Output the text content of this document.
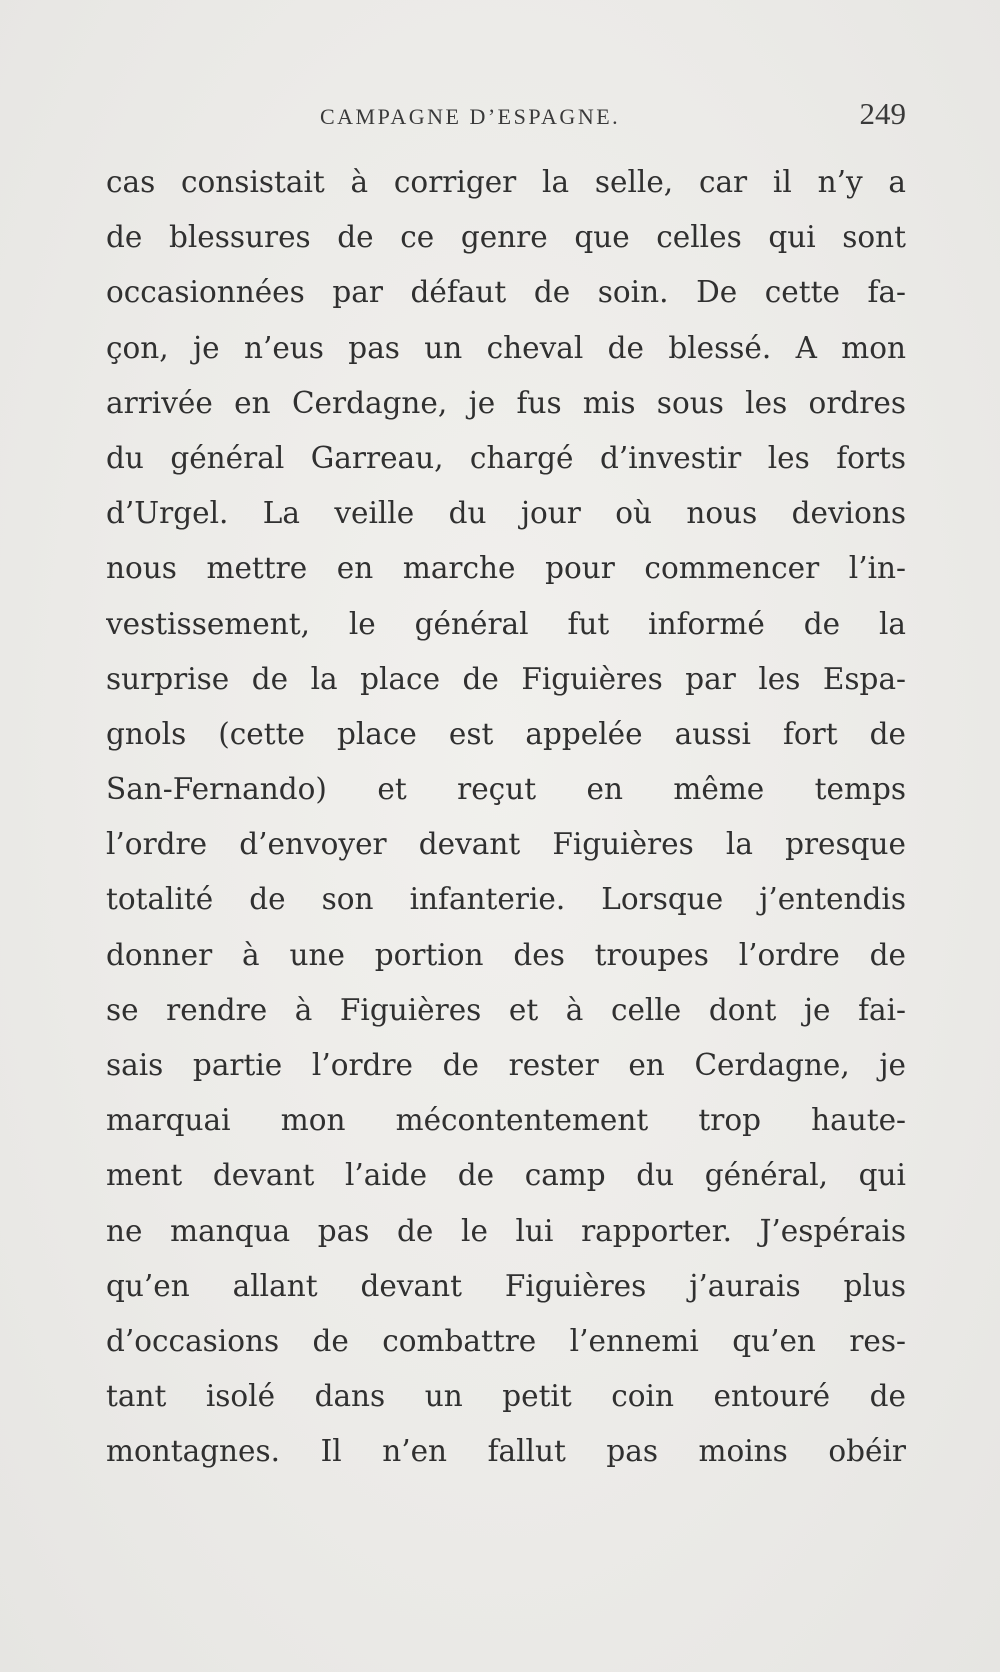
CAMPAGNE D’ESPAGNE.	249
cas consistait à corriger la selle, car il n’y a
de blessures de ce genre que celles qui sont
occasionnées par défaut de soin. De cette fa-
çon, je n’eus pas un cheval de blessé. A mon
arrivée en Cerdagne, je fus mis sous les ordres
du général Garreau, chargé d’investir les forts
d’Urgel. La veille du jour où nous devions
nous mettre en marche pour commencer l’in-
vestissement, le général fut informé de la
surprise de la place de Figuières par les Espa-
gnols (cette place est appelée aussi fort de
San-Fernando) et reçut en même temps
l’ordre d’envoyer devant Figuières la presque
totalité de son infanterie. Lorsque j’entendis
donner à une portion des troupes l’ordre de
se rendre à Figuières et à celle dont je fai-
sais partie l’ordre de rester en Cerdagne, je
marquai mon mécontentement trop haute-
ment devant l’aide de camp du général, qui
ne manqua pas de le lui rapporter. J’espérais
qu’en allant devant Figuières j’aurais plus
d’occasions de combattre l’ennemi qu’en res-
tant isolé dans un petit coin entouré de
montagnes. Il n’en fallut pas moins obéir
